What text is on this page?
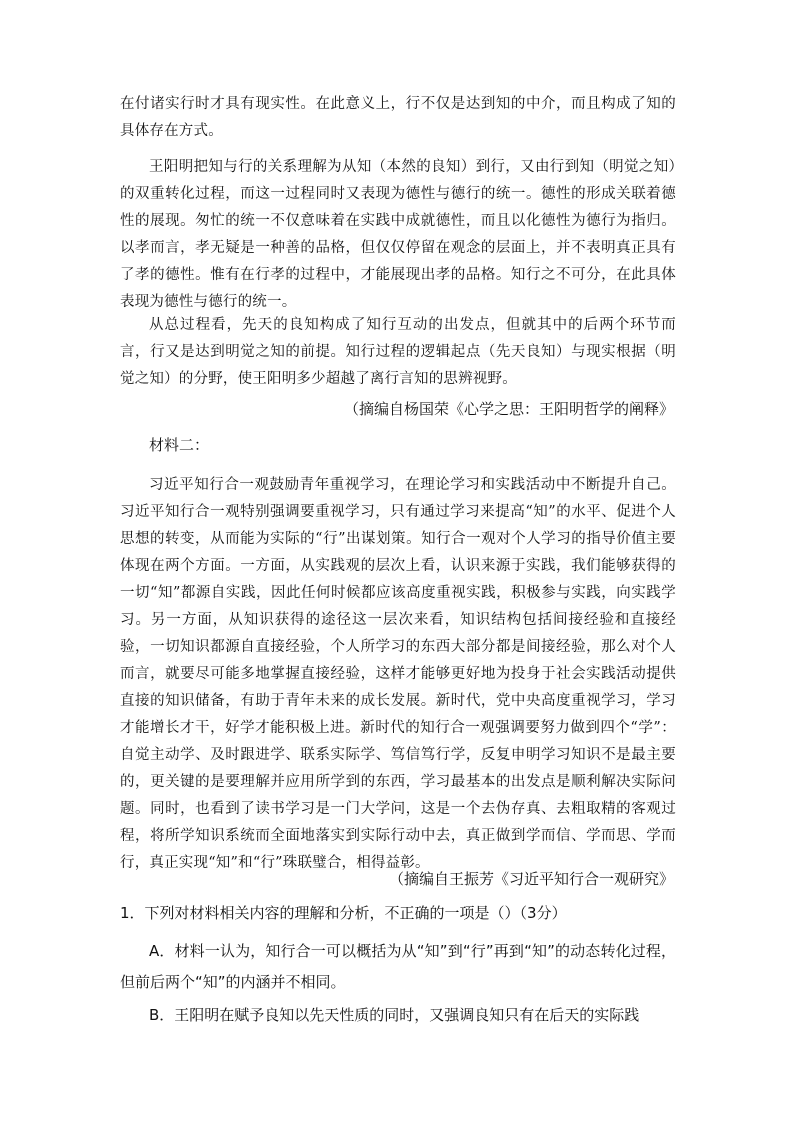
在付诸实行时才具有现实性。在此意义上，行不仅是达到知的中介，而且构成了知的具体存在方式。

王阳明把知与行的关系理解为从知（本然的良知）到行，又由行到知（明觉之知）的双重转化过程，而这一过程同时又表现为德性与德行的统一。德性的形成关联着德性的展现。匆忙的统一不仅意味着在实践中成就德性，而且以化德性为德行为指归。以孝而言，孝无疑是一种善的品格，但仅仅停留在观念的层面上，并不表明真正具有了孝的德性。惟有在行孝的过程中，才能展现出孝的品格。知行之不可分，在此具体表现为德性与德行的统一。

从总过程看，先天的良知构成了知行互动的出发点，但就其中的后两个环节而言，行又是达到明觉之知的前提。知行过程的逻辑起点（先天良知）与现实根据（明觉之知）的分野，使王阳明多少超越了离行言知的思辨视野。

（摘编自杨国荣《心学之思：王阳明哲学的阐释》

材料二：

习近平知行合一观鼓励青年重视学习，在理论学习和实践活动中不断提升自己。习近平知行合一观特别强调要重视学习，只有通过学习来提高“知”的水平、促进个人思想的转变，从而能为实际的“行”出谋划策。知行合一观对个人学习的指导价值主要体现在两个方面。一方面，从实践观的层次上看，认识来源于实践，我们能够获得的一切“知”都源自实践，因此任何时候都应该高度重视实践，积极参与实践，向实践学习。另一方面，从知识获得的途径这一层次来看，知识结构包括间接经验和直接经验，一切知识都源自直接经验，个人所学习的东西大部分都是间接经验，那么对个人而言，就要尽可能多地掌握直接经验，这样才能够更好地为投身于社会实践活动提供直接的知识储备，有助于青年未来的成长发展。新时代，党中央高度重视学习，学习才能增长才干，好学才能积极上进。新时代的知行合一观强调要努力做到四个“学”：自觉主动学、及时跟进学、联系实际学、笃信笃行学，反复申明学习知识不是最主要的，更关键的是要理解并应用所学到的东西，学习最基本的出发点是顺利解决实际问题。同时，也看到了读书学习是一门大学问，这是一个去伪存真、去粗取精的客观过程，将所学知识系统而全面地落实到实际行动中去，真正做到学而信、学而思、学而行，真正实现“知”和“行”珠联璧合，相得益彰。

（摘编自王振芳《习近平知行合一观研究》

1．下列对材料相关内容的理解和分析，不正确的一项是（）（3分）

A．材料一认为，知行合一可以概括为从“知”到“行”再到“知”的动态转化过程，但前后两个“知”的内涵并不相同。

B．王阳明在赋予良知以先天性质的同时，又强调良知只有在后天的实际践
